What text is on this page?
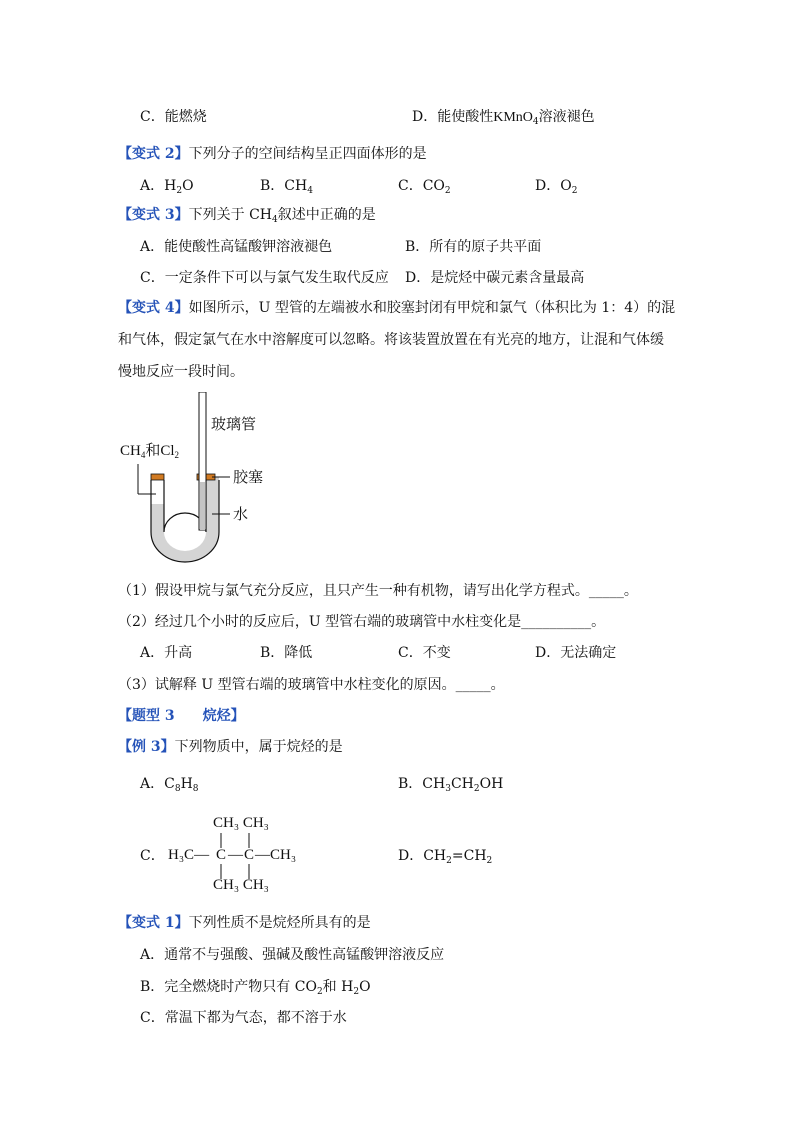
C．能燃烧	D．能使酸性KMnO$_4$溶液褪色
【变式 2】下列分子的空间结构呈正四面体形的是
A．$H_2O$	B．$CH_4$	C．$CO_2$	D．$O_2$
【变式 3】下列关于 $CH_4$叙述中正确的是
A．能使酸性高锰酸钾溶液褪色	B．所有的原子共平面
C．一定条件下可以与氯气发生取代反应 D．是烷烃中碳元素含量最高
【变式 4】如图所示，U 型管的左端被水和胶塞封闭有甲烷和氯气（体积比为 1：4）的混
和气体，假定氯气在水中溶解度可以忽略。将该装置放置在有光亮的地方，让混和气体缓
慢地反应一段时间。
$CH_4$和$Cl_2$
玻璃管
胶塞
水
（1）假设甲烷与氯气充分反应，且只产生一种有机物，请写出化学方程式。_____。
（2）经过几个小时的反应后，U 型管右端的玻璃管中水柱变化是__________。
A．升高	B．降低	C．不变	D．无法确定
（3）试解释 U 型管右端的玻璃管中水柱变化的原因。_____。
【题型 3　　烷烃】
【例 3】下列物质中，属于烷烃的是
A．$C_8H_8$	B．$CH_3CH_2OH$
C．
CH₃ CH₃
H₃C— C — C —CH₃
CH₃ CH₃
D．$CH_2=CH_2$
【变式 1】下列性质不是烷烃所具有的是
A．通常不与强酸、强碱及酸性高锰酸钾溶液反应
B．完全燃烧时产物只有 $CO_2$和 $H_2O$
C．常温下都为气态，都不溶于水
